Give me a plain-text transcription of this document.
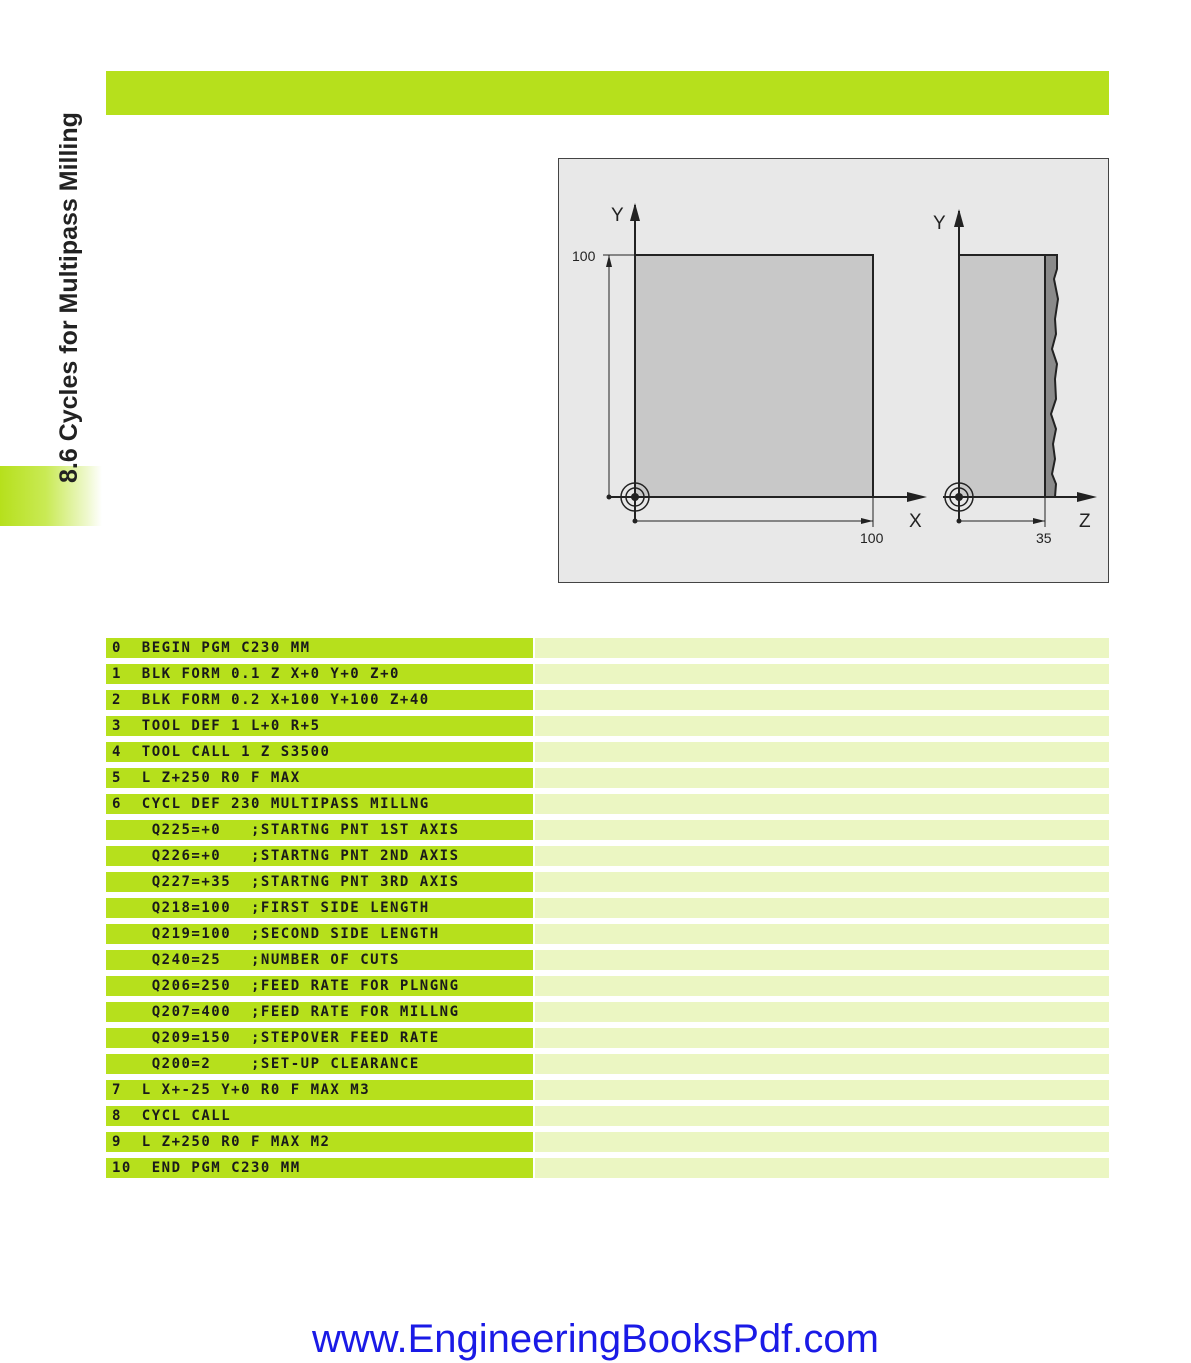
8.6 Cycles for Multipass Milling	Y
X
100
100
Y
Z
35
0  BEGIN PGM C230 MM
1  BLK FORM 0.1 Z X+0 Y+0 Z+0
2  BLK FORM 0.2 X+100 Y+100 Z+40
3  TOOL DEF 1 L+0 R+5
4  TOOL CALL 1 Z S3500
5  L Z+250 R0 F MAX
6  CYCL DEF 230 MULTIPASS MILLNG
Q225=+0   ;STARTNG PNT 1ST AXIS
Q226=+0   ;STARTNG PNT 2ND AXIS
Q227=+35  ;STARTNG PNT 3RD AXIS
Q218=100  ;FIRST SIDE LENGTH
Q219=100  ;SECOND SIDE LENGTH
Q240=25   ;NUMBER OF CUTS
Q206=250  ;FEED RATE FOR PLNGNG
Q207=400  ;FEED RATE FOR MILLNG
Q209=150  ;STEPOVER FEED RATE
Q200=2    ;SET-UP CLEARANCE
7  L X+-25 Y+0 R0 F MAX M3
8  CYCL CALL
9  L Z+250 R0 F MAX M2
10  END PGM C230 MM
www.EngineeringBooksPdf.com
